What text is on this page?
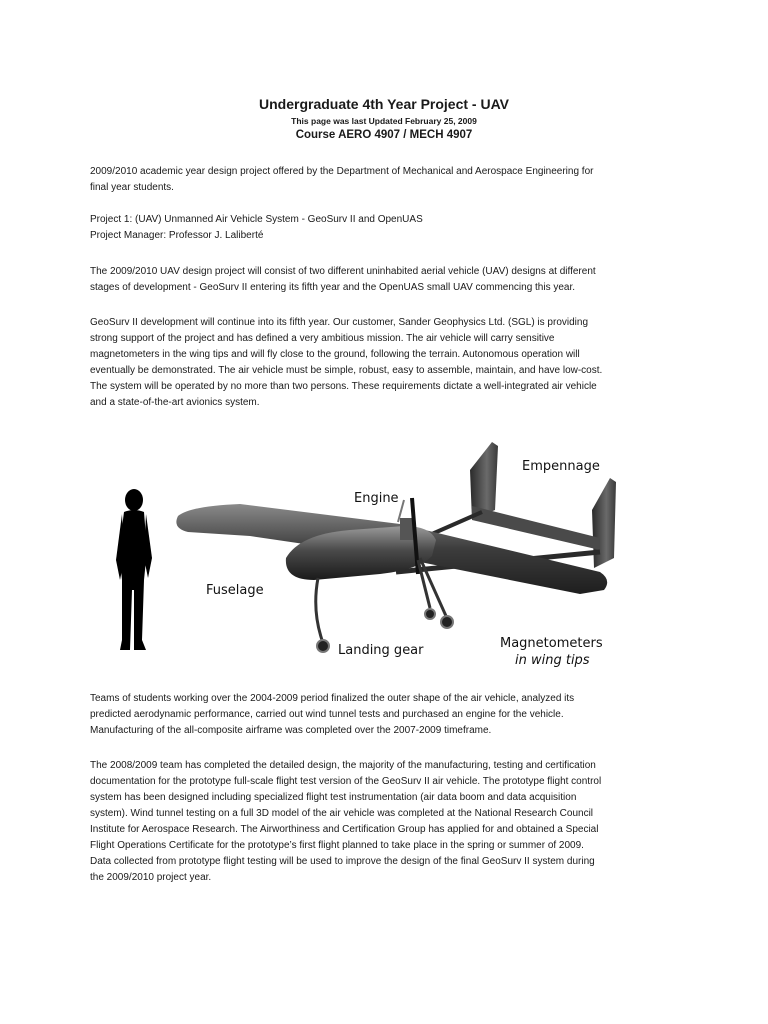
Undergraduate 4th Year Project - UAV
This page was last Updated February 25, 2009
Course AERO 4907 / MECH 4907

2009/2010 academic year design project offered by the Department of Mechanical and Aerospace Engineering for
final year students.

Project 1: (UAV) Unmanned Air Vehicle System - GeoSurv II and OpenUAS
Project Manager: Professor J. Laliberté

The 2009/2010 UAV design project will consist of two different uninhabited aerial vehicle (UAV) designs at different
stages of development - GeoSurv II entering its fifth year and the OpenUAS small UAV commencing this year.

GeoSurv II development will continue into its fifth year. Our customer, Sander Geophysics Ltd. (SGL) is providing
strong support of the project and has defined a very ambitious mission. The air vehicle will carry sensitive
magnetometers in the wing tips and will fly close to the ground, following the terrain. Autonomous operation will
eventually be demonstrated. The air vehicle must be simple, robust, easy to assemble, maintain, and have low-cost.
The system will be operated by no more than two persons. These requirements dictate a well-integrated air vehicle
and a state-of-the-art avionics system.

Empennage
Engine
Fuselage
Landing gear	Magnetometers
in wing tips

Teams of students working over the 2004-2009 period finalized the outer shape of the air vehicle, analyzed its
predicted aerodynamic performance, carried out wind tunnel tests and purchased an engine for the vehicle.
Manufacturing of the all-composite airframe was completed over the 2007-2009 timeframe.

The 2008/2009 team has completed the detailed design, the majority of the manufacturing, testing and certification
documentation for the prototype full-scale flight test version of the GeoSurv II air vehicle. The prototype flight control
system has been designed including specialized flight test instrumentation (air data boom and data acquisition
system). Wind tunnel testing on a full 3D model of the air vehicle was completed at the National Research Council
Institute for Aerospace Research. The Airworthiness and Certification Group has applied for and obtained a Special
Flight Operations Certificate for the prototype’s first flight planned to take place in the spring or summer of 2009.
Data collected from prototype flight testing will be used to improve the design of the final GeoSurv II system during
the 2009/2010 project year.
